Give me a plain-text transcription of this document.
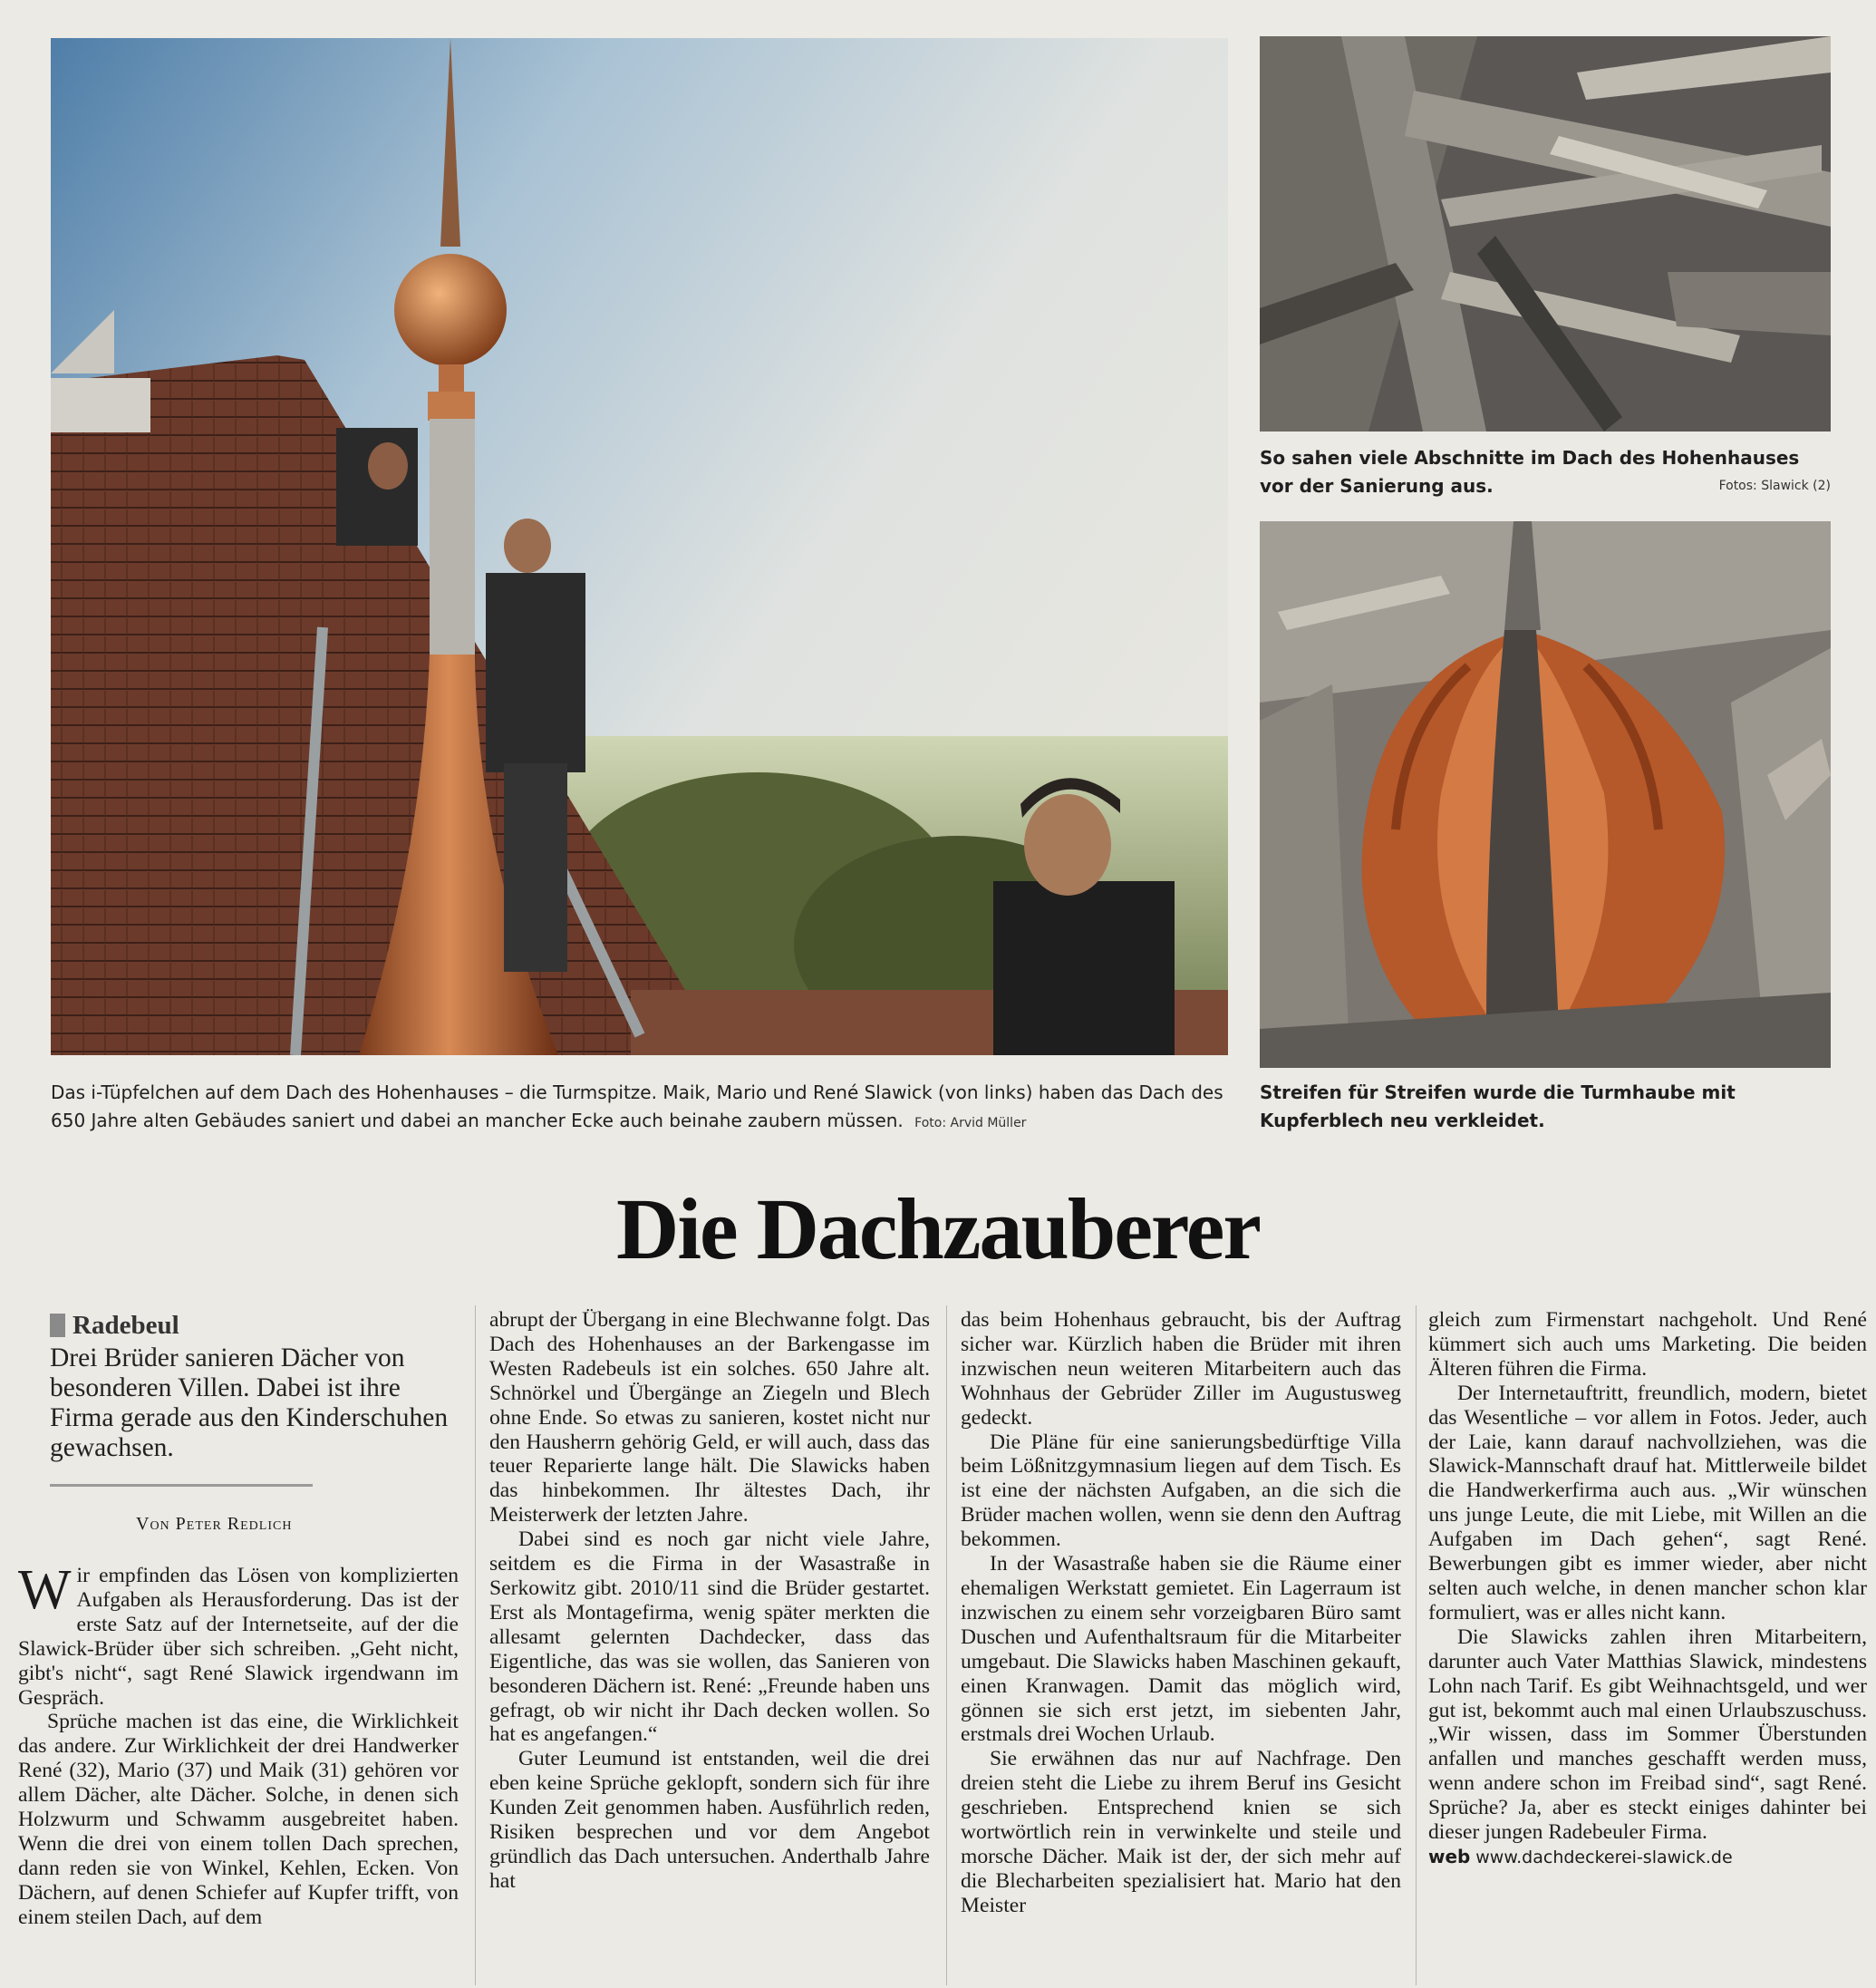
Das i-Tüpfelchen auf dem Dach des Hohenhauses – die Turmspitze. Maik, Mario und René Slawick (von links) haben das Dach des 650 Jahre alten Gebäudes saniert und dabei an mancher Ecke auch beinahe zaubern müssen. Foto: Arvid Müller
So sahen viele Abschnitte im Dach des Hohenhauses vor der Sanierung aus.	Fotos: Slawick (2)
Streifen für Streifen wurde die Turmhaube mit Kupferblech neu verkleidet.
Die Dachzauberer
Radebeul
Drei Brüder sanieren Dächer von besonderen Villen. Dabei ist ihre Firma gerade aus den Kinderschuhen gewachsen.
Von Peter Redlich

Wir empfinden das Lösen von komplizierten Aufgaben als Herausforderung. Das ist der erste Satz auf der Internetseite, auf der die Slawick-Brüder über sich schreiben. „Geht nicht, gibt's nicht“, sagt René Slawick irgendwann im Gespräch.

Sprüche machen ist das eine, die Wirklichkeit das andere. Zur Wirklichkeit der drei Handwerker René (32), Mario (37) und Maik (31) gehören vor allem Dächer, alte Dächer. Solche, in denen sich Holzwurm und Schwamm ausgebreitet haben. Wenn die drei von einem tollen Dach sprechen, dann reden sie von Winkel, Kehlen, Ecken. Von Dächern, auf denen Schiefer auf Kupfer trifft, von einem steilen Dach, auf dem

abrupt der Übergang in eine Blechwanne folgt. Das Dach des Hohenhauses an der Barkengasse im Westen Radebeuls ist ein solches. 650 Jahre alt. Schnörkel und Übergänge an Ziegeln und Blech ohne Ende. So etwas zu sanieren, kostet nicht nur den Hausherrn gehörig Geld, er will auch, dass das teuer Reparierte lange hält. Die Slawicks haben das hinbekommen. Ihr ältestes Dach, ihr Meisterwerk der letzten Jahre.

Dabei sind es noch gar nicht viele Jahre, seitdem es die Firma in der Wasastraße in Serkowitz gibt. 2010/11 sind die Brüder gestartet. Erst als Montagefirma, wenig später merkten die allesamt gelernten Dachdecker, dass das Eigentliche, das was sie wollen, das Sanieren von besonderen Dächern ist. René: „Freunde haben uns gefragt, ob wir nicht ihr Dach decken wollen. So hat es angefangen.“

Guter Leumund ist entstanden, weil die drei eben keine Sprüche geklopft, sondern sich für ihre Kunden Zeit genommen haben. Ausführlich reden, Risiken besprechen und vor dem Angebot gründlich das Dach untersuchen. Anderthalb Jahre hat

das beim Hohenhaus gebraucht, bis der Auftrag sicher war. Kürzlich haben die Brüder mit ihren inzwischen neun weiteren Mitarbeitern auch das Wohnhaus der Gebrüder Ziller im Augustusweg gedeckt.

Die Pläne für eine sanierungsbedürftige Villa beim Lößnitzgymnasium liegen auf dem Tisch. Es ist eine der nächsten Aufgaben, an die sich die Brüder machen wollen, wenn sie denn den Auftrag bekommen.

In der Wasastraße haben sie die Räume einer ehemaligen Werkstatt gemietet. Ein Lagerraum ist inzwischen zu einem sehr vorzeigbaren Büro samt Duschen und Aufenthaltsraum für die Mitarbeiter umgebaut. Die Slawicks haben Maschinen gekauft, einen Kranwagen. Damit das möglich wird, gönnen sie sich erst jetzt, im siebenten Jahr, erstmals drei Wochen Urlaub.

Sie erwähnen das nur auf Nachfrage. Den dreien steht die Liebe zu ihrem Beruf ins Gesicht geschrieben. Entsprechend knien se sich wortwörtlich rein in verwinkelte und steile und morsche Dächer. Maik ist der, der sich mehr auf die Blecharbeiten spezialisiert hat. Mario hat den Meister

gleich zum Firmenstart nachgeholt. Und René kümmert sich auch ums Marketing. Die beiden Älteren führen die Firma.

Der Internetauftritt, freundlich, modern, bietet das Wesentliche – vor allem in Fotos. Jeder, auch der Laie, kann darauf nachvollziehen, was die Slawick-Mannschaft drauf hat. Mittlerweile bildet die Handwerkerfirma auch aus. „Wir wünschen uns junge Leute, die mit Liebe, mit Willen an die Aufgaben im Dach gehen“, sagt René. Bewerbungen gibt es immer wieder, aber nicht selten auch welche, in denen mancher schon klar formuliert, was er alles nicht kann.

Die Slawicks zahlen ihren Mitarbeitern, darunter auch Vater Matthias Slawick, mindestens Lohn nach Tarif. Es gibt Weihnachtsgeld, und wer gut ist, bekommt auch mal einen Urlaubszuschuss. „Wir wissen, dass im Sommer Überstunden anfallen und manches geschafft werden muss, wenn andere schon im Freibad sind“, sagt René. Sprüche? Ja, aber es steckt einiges dahinter bei dieser jungen Radebeuler Firma.

web www.dachdeckerei-slawick.de
